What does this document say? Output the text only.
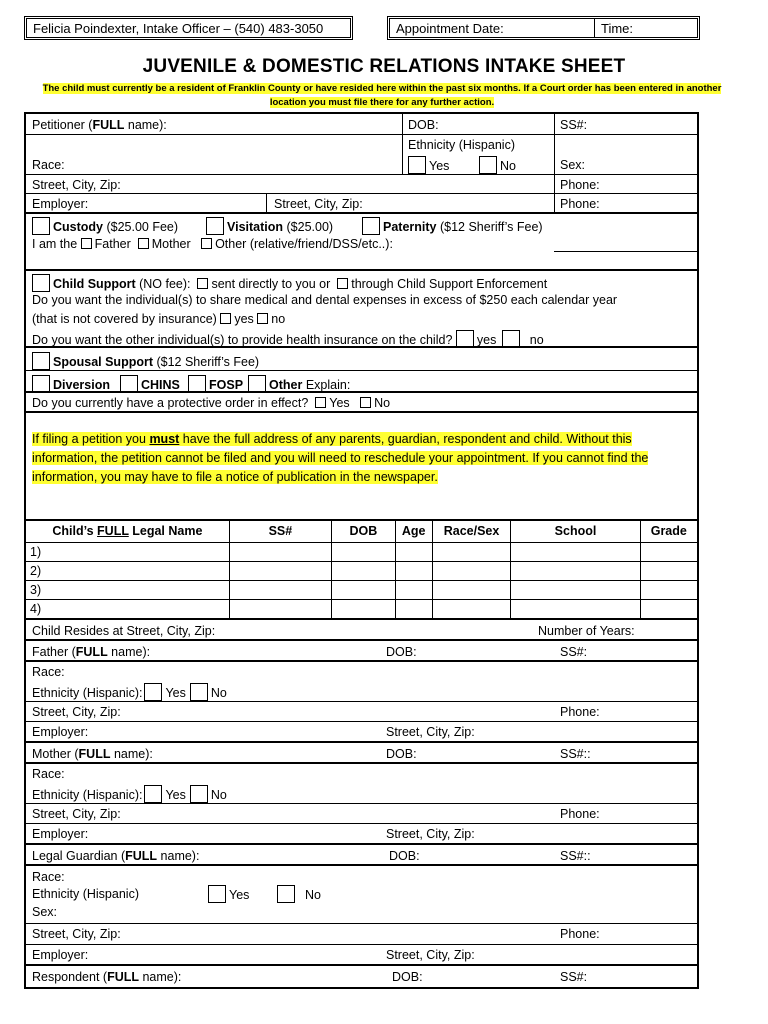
Felicia Poindexter, Intake Officer – (540) 483-3050	Appointment Date:	Time:
JUVENILE & DOMESTIC RELATIONS INTAKE SHEET
The child must currently be a resident of Franklin County or have resided here within the past six months. If a Court order has been entered in another location you must file there for any further action.
Petitioner (FULL name):	DOB:	SS#:
Race:
Ethnicity (Hispanic)
Yes	No	Sex:
Street, City, Zip:	Phone:
Employer:	Street, City, Zip:	Phone:
Custody ($25.00 Fee)	Visitation ($25.00)	Paternity ($12 Sheriff’s Fee)
I am the Father Mother Other (relative/friend/DSS/etc..):
Child Support (NO fee): sent directly to you or through Child Support Enforcement
Do you want the individual(s) to share medical and dental expenses in excess of $250 each calendar year
(that is not covered by insurance) yes no
Do you want the other individual(s) to provide health insurance on the child? yes	no
Spousal Support ($12 Sheriff’s Fee)
Diversion	CHINS	FOSP	Other Explain:
Do you currently have a protective order in effect? Yes No
If filing a petition you must have the full address of any parents, guardian, respondent and child. Without this information, the petition cannot be filed and you will need to reschedule your appointment. If you cannot find the information, you may have to file a notice of publication in the newspaper.
Child’s FULL Legal Name	SS#	DOB	Age	Race/Sex	School	Grade
1)						
2)						
3)						
4)						
Child Resides at Street, City, Zip:	Number of Years:
Father (FULL name):	DOB:	SS#:
Race:
Ethnicity (Hispanic): Yes No
Street, City, Zip:	Phone:
Employer:	Street, City, Zip:
Mother (FULL name):	DOB:	SS#::
Race:
Ethnicity (Hispanic): Yes No
Street, City, Zip:	Phone:
Employer:	Street, City, Zip:
Legal Guardian (FULL name):	DOB:	SS#::
Race:
Ethnicity (Hispanic)	Yes	No
Sex:
Street, City, Zip:	Phone:
Employer:	Street, City, Zip:
Respondent (FULL name):	DOB:	SS#:
